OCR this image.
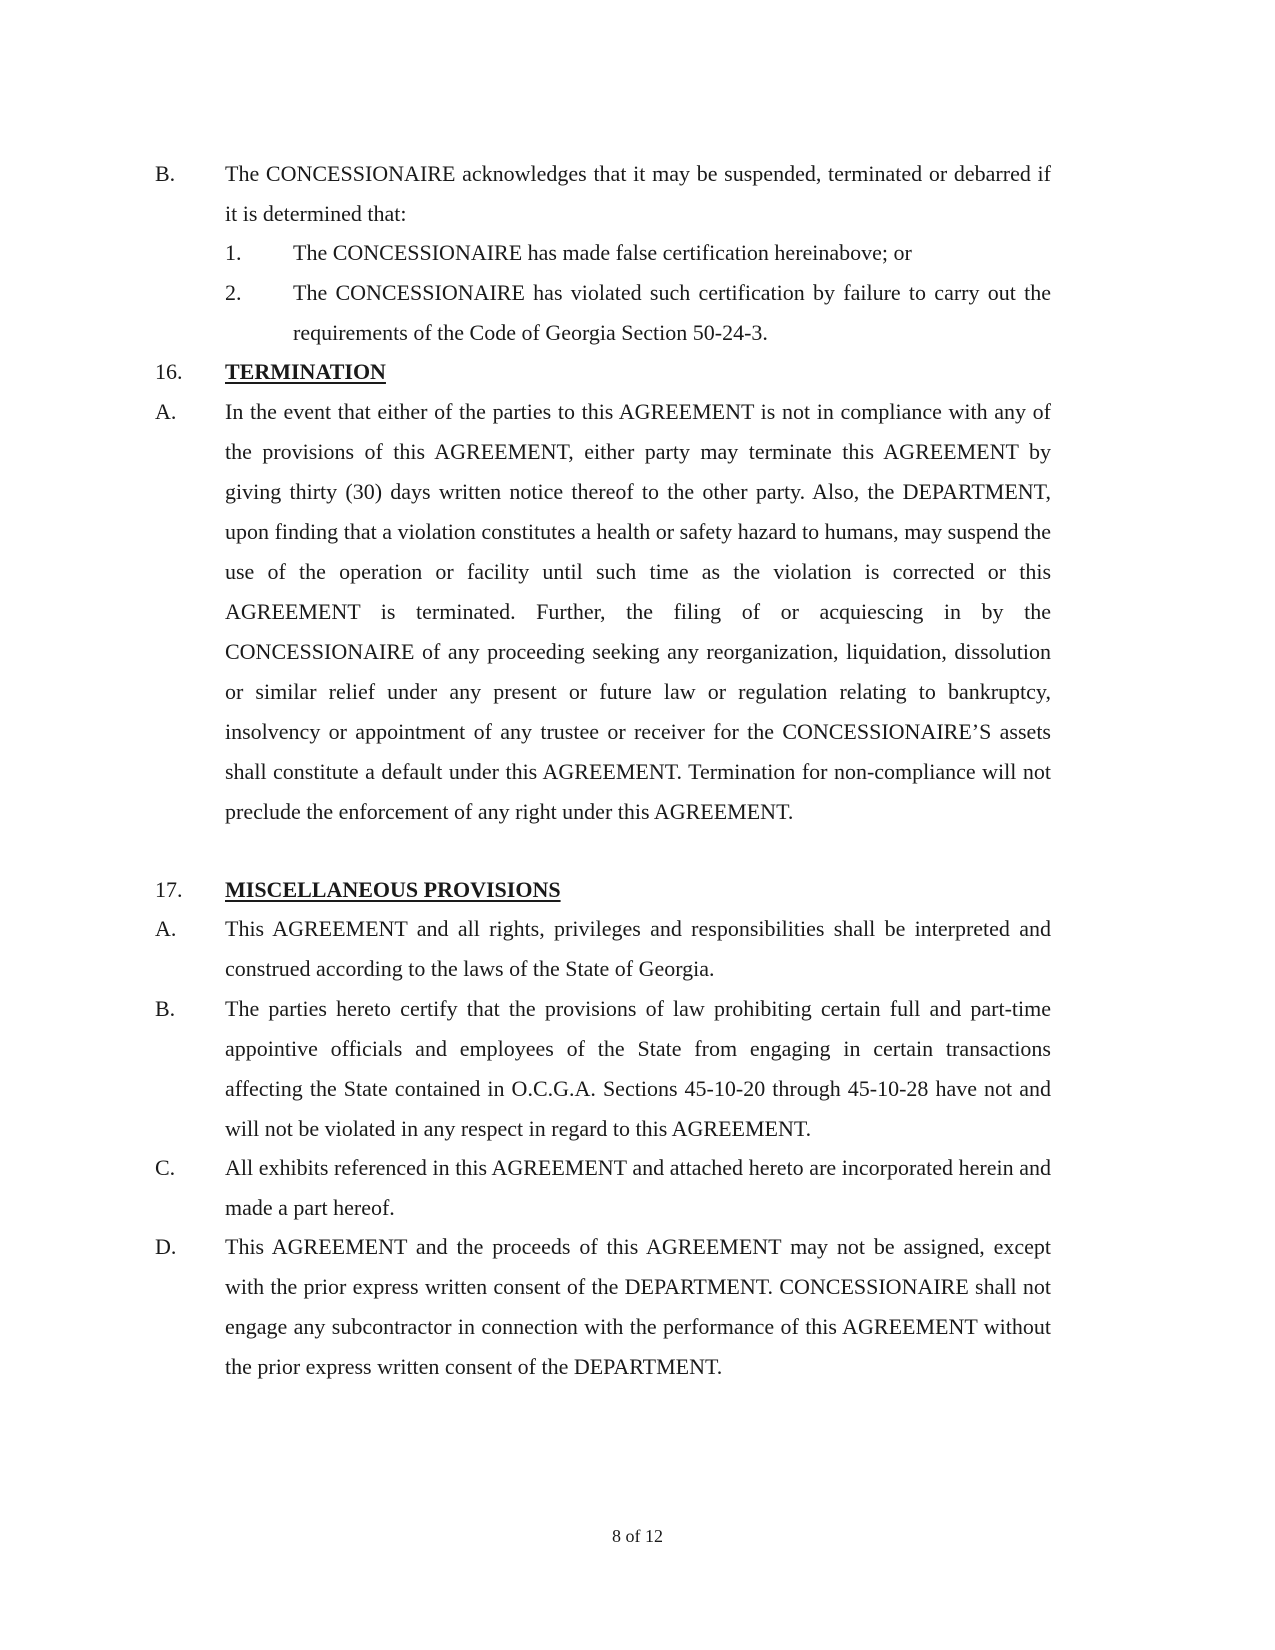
B. The CONCESSIONAIRE acknowledges that it may be suspended, terminated or debarred if it is determined that:
1. The CONCESSIONAIRE has made false certification hereinabove; or
2. The CONCESSIONAIRE has violated such certification by failure to carry out the requirements of the Code of Georgia Section 50-24-3.
16. TERMINATION
A. In the event that either of the parties to this AGREEMENT is not in compliance with any of the provisions of this AGREEMENT, either party may terminate this AGREEMENT by giving thirty (30) days written notice thereof to the other party. Also, the DEPARTMENT, upon finding that a violation constitutes a health or safety hazard to humans, may suspend the use of the operation or facility until such time as the violation is corrected or this AGREEMENT is terminated. Further, the filing of or acquiescing in by the CONCESSIONAIRE of any proceeding seeking any reorganization, liquidation, dissolution or similar relief under any present or future law or regulation relating to bankruptcy, insolvency or appointment of any trustee or receiver for the CONCESSIONAIRE’S assets shall constitute a default under this AGREEMENT. Termination for non-compliance will not preclude the enforcement of any right under this AGREEMENT.
17. MISCELLANEOUS PROVISIONS
A. This AGREEMENT and all rights, privileges and responsibilities shall be interpreted and construed according to the laws of the State of Georgia.
B. The parties hereto certify that the provisions of law prohibiting certain full and part-time appointive officials and employees of the State from engaging in certain transactions affecting the State contained in O.C.G.A. Sections 45-10-20 through 45-10-28 have not and will not be violated in any respect in regard to this AGREEMENT.
C. All exhibits referenced in this AGREEMENT and attached hereto are incorporated herein and made a part hereof.
D. This AGREEMENT and the proceeds of this AGREEMENT may not be assigned, except with the prior express written consent of the DEPARTMENT. CONCESSIONAIRE shall not engage any subcontractor in connection with the performance of this AGREEMENT without the prior express written consent of the DEPARTMENT.
8 of 12
